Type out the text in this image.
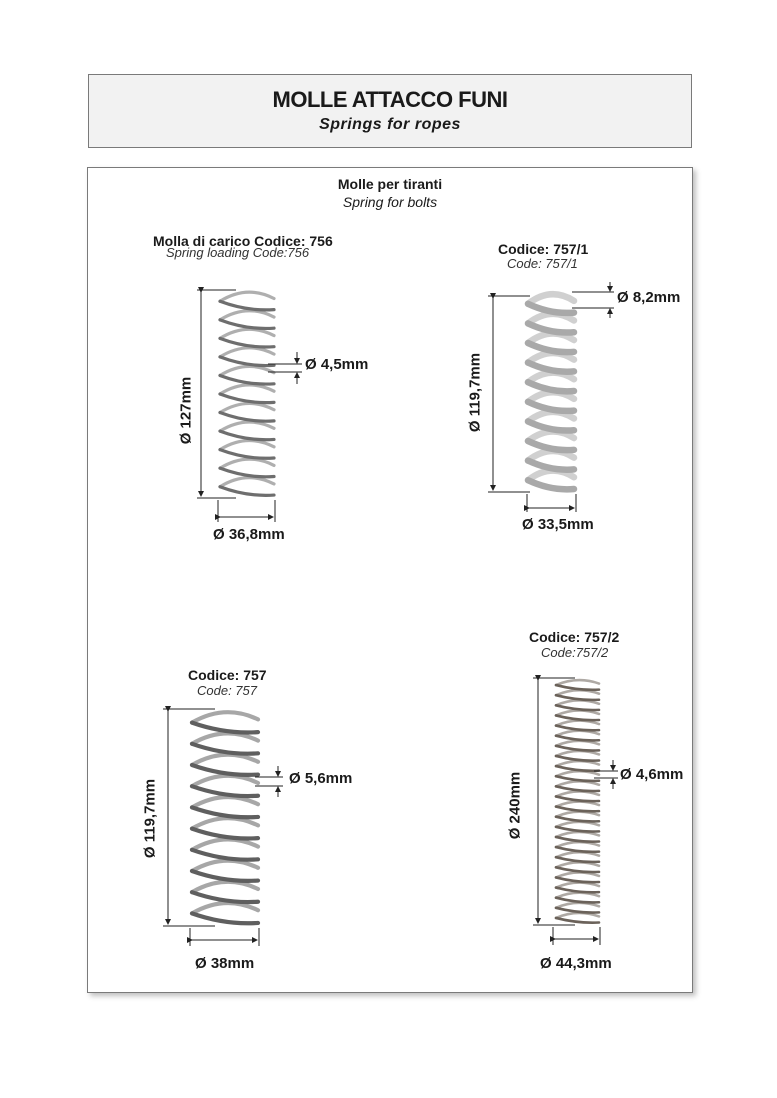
MOLLE ATTACCO FUNI
Springs for ropes
Molle per tiranti
Spring for bolts
Molla di carico Codice: 756
Spring loading Code:756
Ø 127mm
Ø 4,5mm
Ø 36,8mm
Codice: 757/1
Code: 757/1
Ø 119,7mm
Ø 8,2mm
Ø 33,5mm
Codice: 757
Code: 757
Ø 119,7mm
Ø 5,6mm
Ø 38mm
Codice: 757/2
Code:757/2
Ø 240mm	Ø 4,6mm
Ø 44,3mm
